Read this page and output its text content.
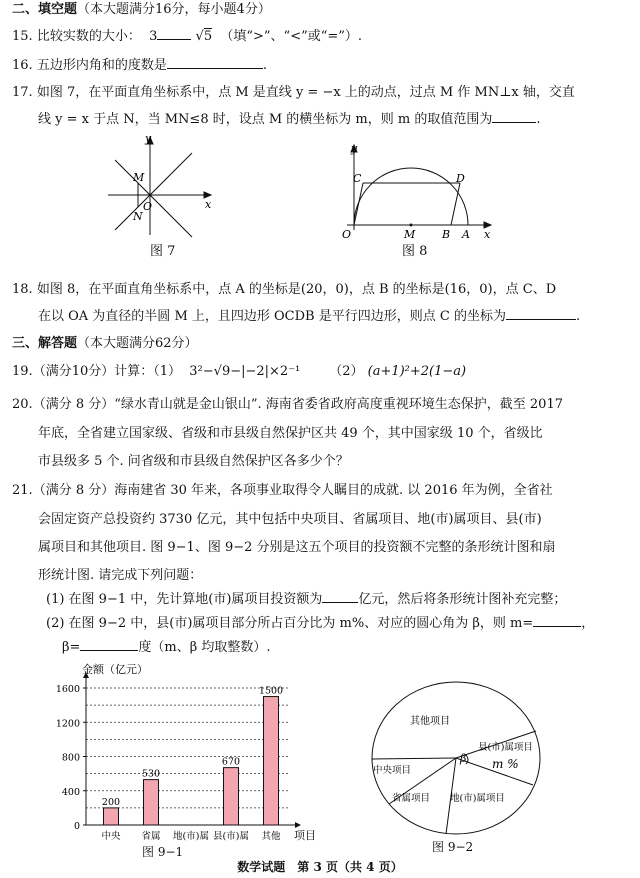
二、填空题（本大题满分16分，每小题4分）
15. 比较实数的大小： 3	√5 （填“>”、“<”或“=”）.
16. 五边形内角和的度数是	.
17. 如图 7，在平面直角坐标系中，点 M 是直线 y = −x 上的动点，过点 M 作 MN⊥x 轴，交直
线 y = x 于点 N，当 MN≤8 时，设点 M 的横坐标为 m，则 m 的取值范围为	.
y
x
M
O
N
图 7
y
x
C	D
O	M B A
图 8
18. 如图 8，在平面直角坐标系中，点 A 的坐标是(20，0)，点 B 的坐标是(16，0)，点 C、D
在以 OA 为直径的半圆 M 上，且四边形 OCDB 是平行四边形，则点 C 的坐标为	.
三、解答题（本大题满分62分）
19.（满分10分）计算：（1） 3²−√9−|−2|×2⁻¹ （2） (a+1)²+2(1−a)
20.（满分 8 分）“绿水青山就是金山银山”. 海南省委省政府高度重视环境生态保护，截至 2017
年底，全省建立国家级、省级和市县级自然保护区共 49 个，其中国家级 10 个，省级比
市县级多 5 个. 问省级和市县级自然保护区各多少个？
21.（满分 8 分）海南建省 30 年来，各项事业取得令人瞩目的成就. 以 2016 年为例，全省社
会固定资产总投资约 3730 亿元，其中包括中央项目、省属项目、地(市)属项目、县(市)
属项目和其他项目. 图 9−1、图 9−2 分别是这五个项目的投资额不完整的条形统计图和扇
形统计图. 请完成下列问题：
(1) 在图 9−1 中，先计算地(市)属项目投资额为	亿元，然后将条形统计图补充完整；
(2) 在图 9−2 中，县(市)属项目部分所占百分比为 m%、对应的圆心角为 β，则 m=	，
β=	度（m、β 均取整数）.
0
400
800
1200
1600
中央 省属 地(市)属 县(市)属 其他
200
530
670
1500
金额（亿元）
项目
图 9−1
其他项目
县(市)属项目
中央项目
省属项目 地(市)属项目
β m %
图 9−2
数学试题　第 3 页（共 4 页）
